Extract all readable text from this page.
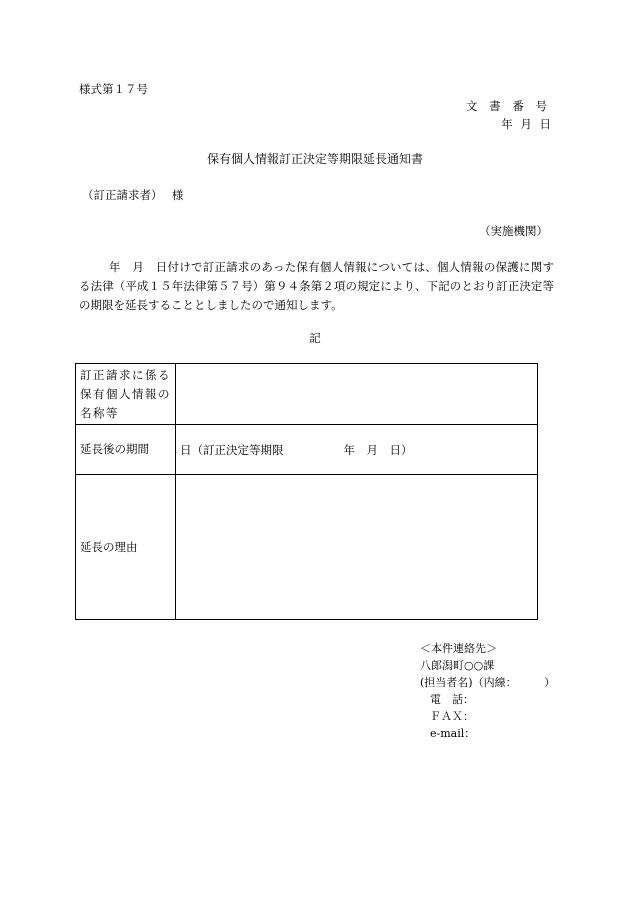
様式第１７号
文 書 番 号
年 月 日
保有個人情報訂正決定等期限延長通知書
（訂正請求者）　 様
（実施機関）
年　月　日付けで訂正請求のあった保有個人情報については、個人情報の保護に関する法律（平成１５年法律第５７号）第９４条第２項の規定により、下記のとおり訂正決定等の期限を延長することとしましたので通知します。
記
訂正請求に係る保有個人情報の名称等	
延長後の期間	日（訂正決定等期限 年　月　日）
延長の理由	
＜本件連絡先＞
八郎潟町○○課
(担当者名)（内線：　　　）
電　話：
ＦＡＸ：
e-mail：
